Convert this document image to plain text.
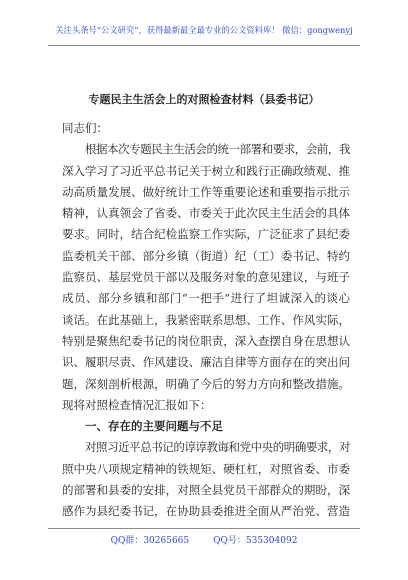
关注头条号“公文研究”，获得最新最全最专业的公文资料库！ 微信：gongwenyj
专题民主生活会上的对照检查材料（县委书记）
同志们：
根据本次专题民主生活会的统一部署和要求，会前，我
深入学习了习近平总书记关于树立和践行正确政绩观、推
动高质量发展、做好统计工作等重要论述和重要指示批示
精神，认真领会了省委、市委关于此次民主生活会的具体
要求。同时，结合纪检监察工作实际，广泛征求了县纪委
监委机关干部、部分乡镇（街道）纪（工）委书记、特约
监察员、基层党员干部以及服务对象的意见建议，与班子
成员、部分乡镇和部门“一把手”进行了坦诚深入的谈心
谈话。在此基础上，我紧密联系思想、工作、作风实际，
特别是聚焦纪委书记的岗位职责，深入查摆自身在思想认
识、履职尽责、作风建设、廉洁自律等方面存在的突出问
题，深刻剖析根源，明确了今后的努力方向和整改措施。
现将对照检查情况汇报如下：
一、存在的主要问题与不足
对照习近平总书记的谆谆教诲和党中央的明确要求，对
照中央八项规定精神的铁规矩、硬杠杠，对照省委、市委
的部署和县委的安排，对照全县党员干部群众的期盼，深
感作为县纪委书记，在协助县委推进全面从严治党、营造
QQ群：30265665	QQ号：535304092
